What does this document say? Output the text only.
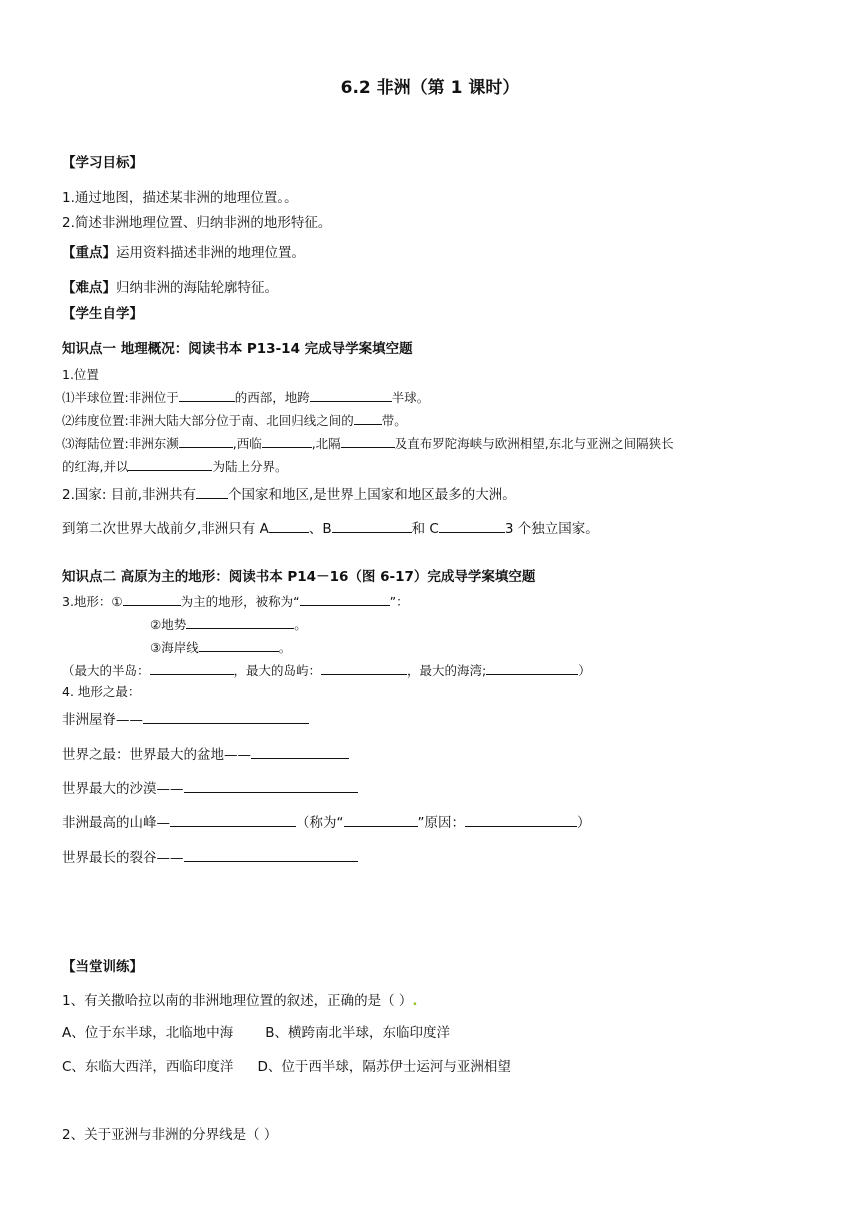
6.2 非洲（第 1 课时）
【学习目标】
1.通过地图，描述某非洲的地理位置。。
2.简述非洲地理位置、归纳非洲的地形特征。
【重点】运用资料描述非洲的地理位置。
【难点】归纳非洲的海陆轮廓特征。
【学生自学】
知识点一 地理概况：阅读书本 P13-14 完成导学案填空题
1.位置
⑴半球位置:非洲位于	的西部，地跨	半球。
⑵纬度位置:非洲大陆大部分位于南、北回归线之间的 带。
⑶海陆位置:非洲东濒	,西临	,北隔	及直布罗陀海峡与欧洲相望,东北与亚洲之间隔狭长
的红海,并以	为陆上分界。
2.国家: 目前,非洲共有 个国家和地区,是世界上国家和地区最多的大洲。
到第二次世界大战前夕,非洲只有 A	、B	和 C	3 个独立国家。
知识点二 高原为主的地形：阅读书本 P14－16（图 6-17）完成导学案填空题
3.地形：①	为主的地形，被称为“	”：
②地势	。
③海岸线	。
（最大的半岛：	，最大的岛屿：	，最大的海湾;	）
4. 地形之最：
非洲屋脊——
世界之最：世界最大的盆地——
世界最大的沙漠——
非洲最高的山峰—	（称为“	”原因：	）
世界最长的裂谷——
【当堂训练】
1、有关撒哈拉以南的非洲地理位置的叙述，正确的是（ ）.
A、位于东半球，北临地中海 B、横跨南北半球，东临印度洋
C、东临大西洋，西临印度洋 D、位于西半球，隔苏伊士运河与亚洲相望
2、关于亚洲与非洲的分界线是（ ）
